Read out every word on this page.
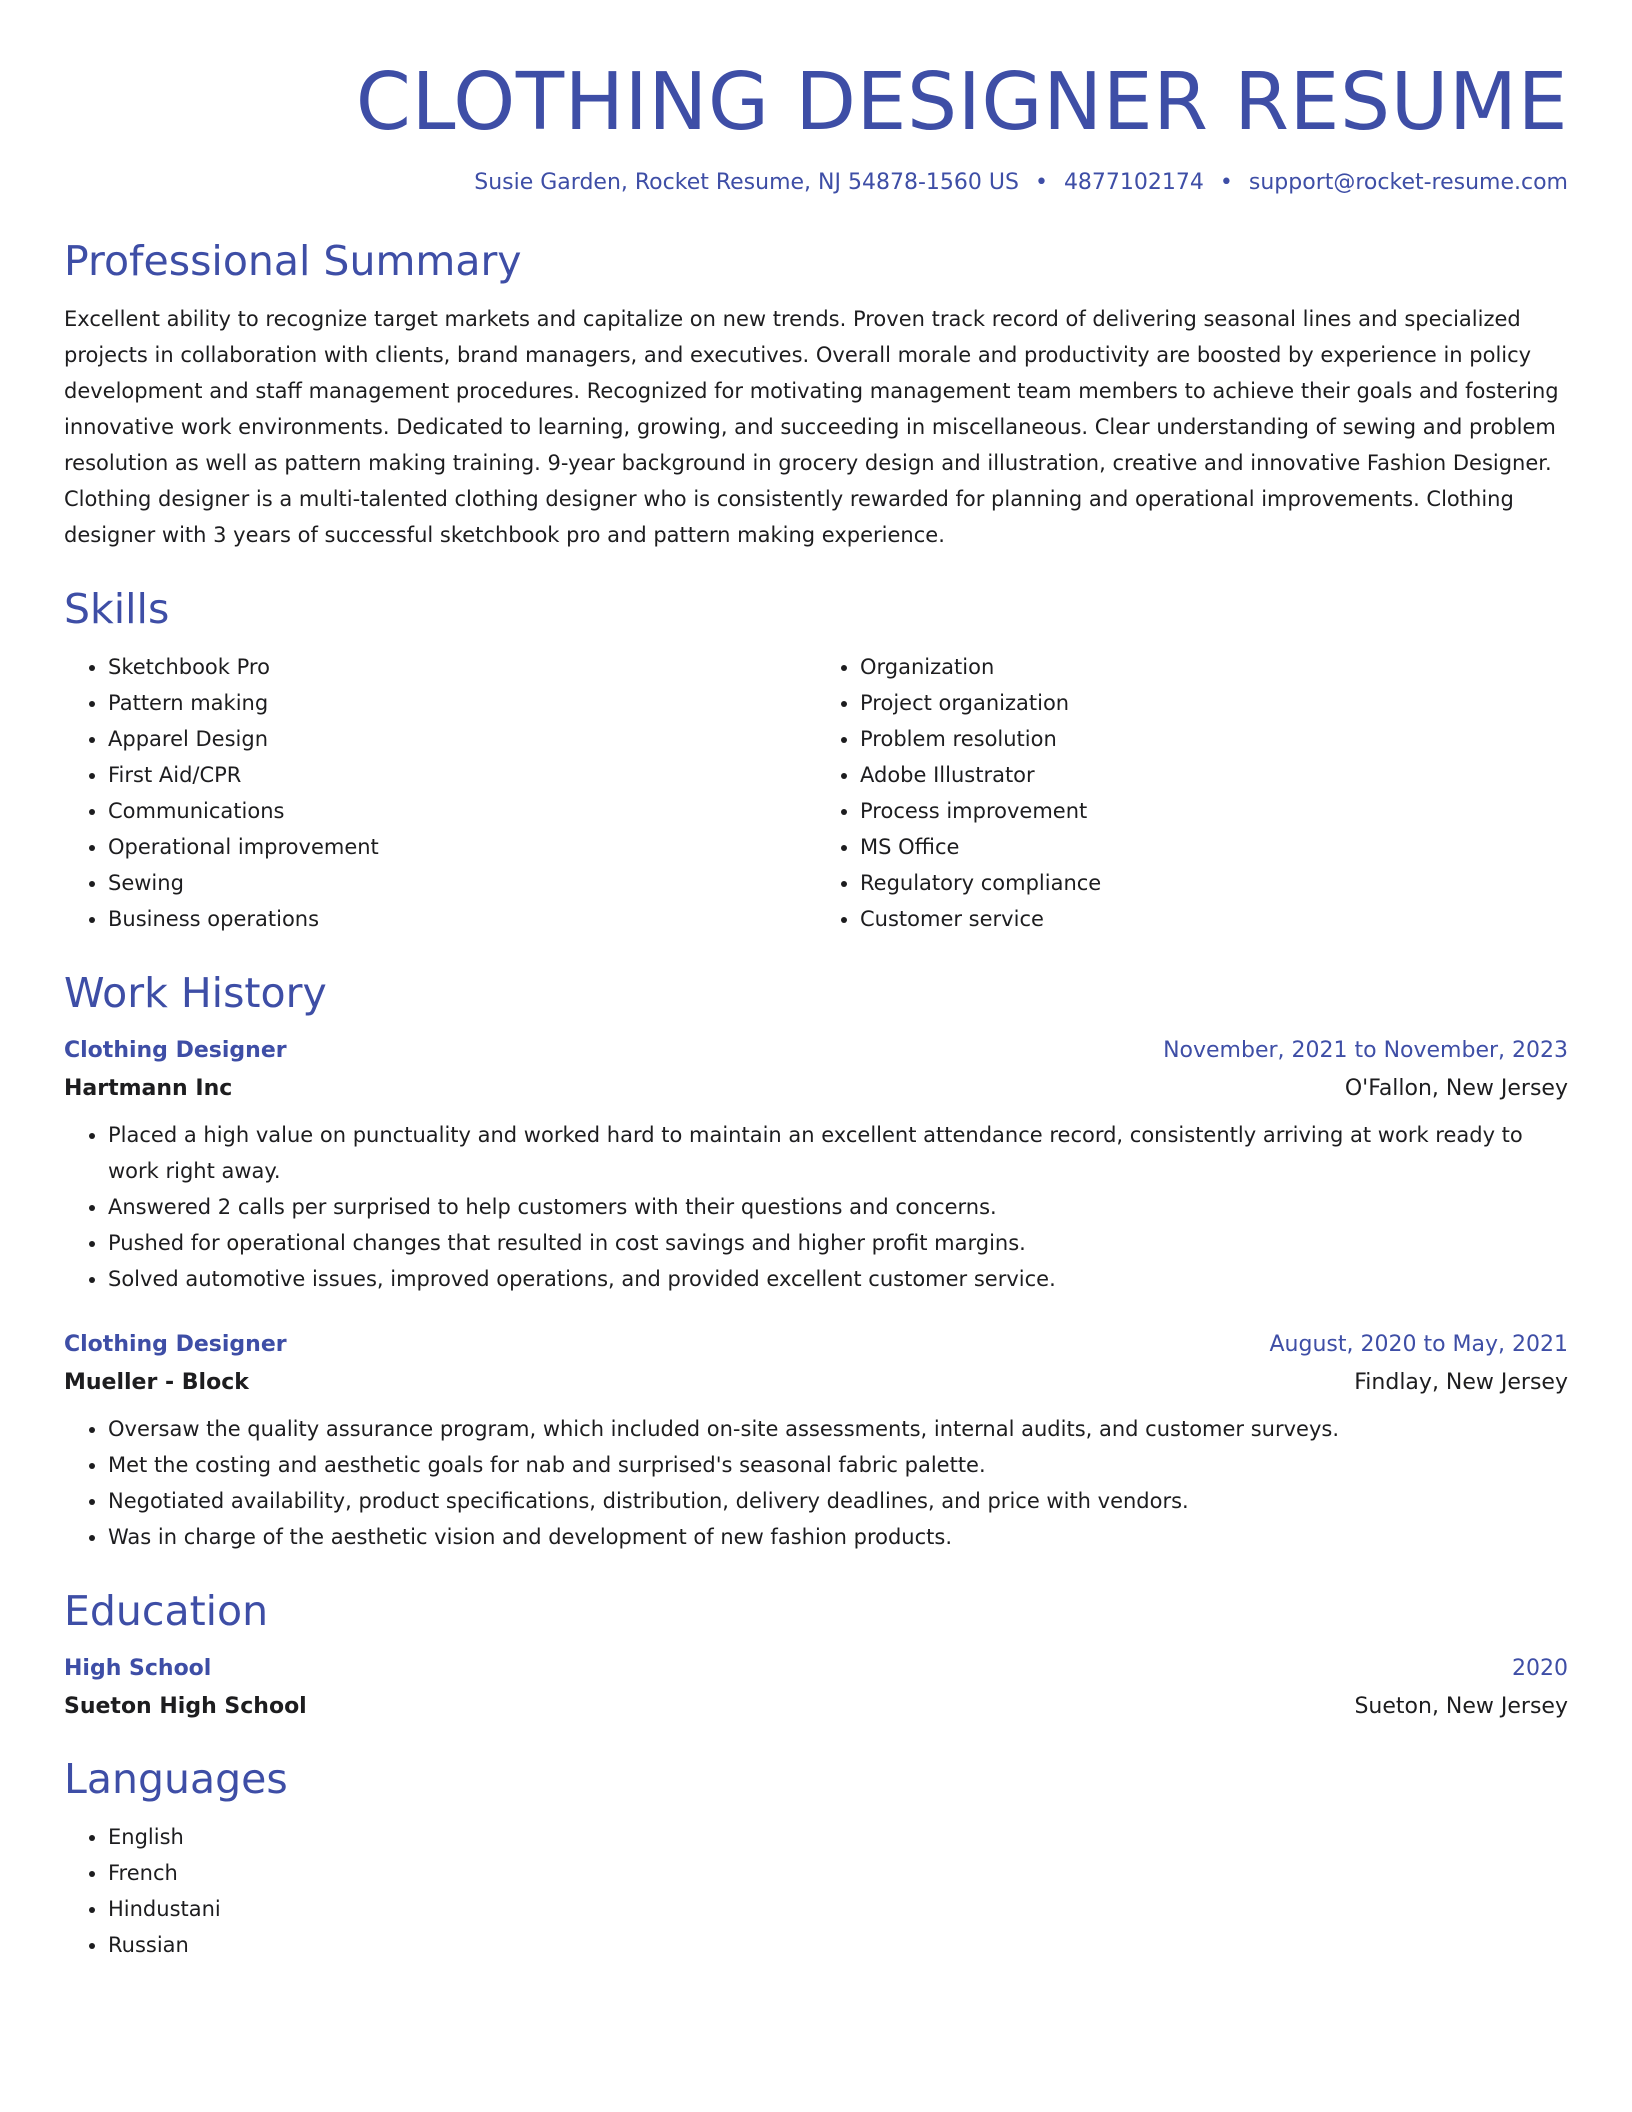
CLOTHING DESIGNER RESUME
Susie Garden, Rocket Resume, NJ 54878-1560 US • 4877102174 • support@rocket-resume.com
Professional Summary

Excellent ability to recognize target markets and capitalize on new trends. Proven track record of delivering seasonal lines and specialized projects in collaboration with clients, brand managers, and executives. Overall morale and productivity are boosted by experience in policy development and staff management procedures. Recognized for motivating management team members to achieve their goals and fostering innovative work environments. Dedicated to learning, growing, and succeeding in miscellaneous. Clear understanding of sewing and problem resolution as well as pattern making training. 9-year background in grocery design and illustration, creative and innovative Fashion Designer. Clothing designer is a multi-talented clothing designer who is consistently rewarded for planning and operational improvements. Clothing designer with 3 years of successful sketchbook pro and pattern making experience.

Skills
• Sketchbook Pro
• Pattern making
• Apparel Design
• First Aid/CPR
• Communications
• Operational improvement
• Sewing
• Business operations
• Organization
• Project organization
• Problem resolution
• Adobe Illustrator
• Process improvement
• MS Office
• Regulatory compliance
• Customer service
Work History
Clothing Designer	November, 2021 to November, 2023
Hartmann Inc	O'Fallon, New Jersey
• Placed a high value on punctuality and worked hard to maintain an excellent attendance record, consistently arriving at work ready to work right away.
• Answered 2 calls per surprised to help customers with their questions and concerns.
• Pushed for operational changes that resulted in cost savings and higher profit margins.
• Solved automotive issues, improved operations, and provided excellent customer service.
Clothing Designer	August, 2020 to May, 2021
Mueller - Block	Findlay, New Jersey
• Oversaw the quality assurance program, which included on-site assessments, internal audits, and customer surveys.
• Met the costing and aesthetic goals for nab and surprised's seasonal fabric palette.
• Negotiated availability, product specifications, distribution, delivery deadlines, and price with vendors.
• Was in charge of the aesthetic vision and development of new fashion products.
Education
High School	2020
Sueton High School	Sueton, New Jersey
Languages
• English
• French
• Hindustani
• Russian
